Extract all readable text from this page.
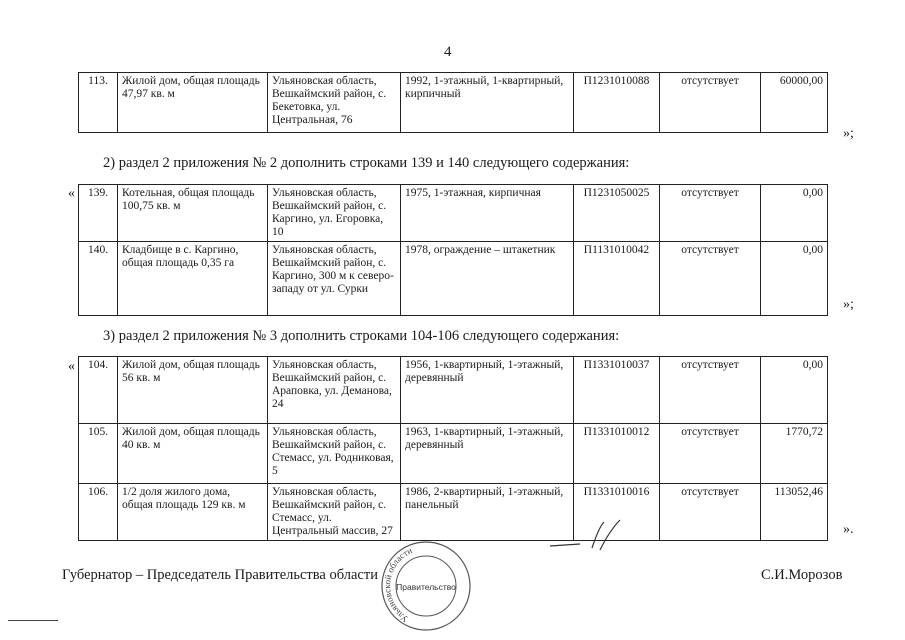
4
113.	Жилой дом, общая площадь 47,97 кв. м	Ульяновская область, Вешкаймский район, с. Бекетовка, ул. Центральная, 76	1992, 1-этажный, 1-квартирный, кирпичный	П1231010088	отсутствует	60000,00
»;
2) раздел 2 приложения № 2 дополнить строками 139 и 140 следующего содержания:
« 139.	Котельная, общая площадь 100,75 кв. м	Ульяновская область, Вешкаймский район, с. Каргино, ул. Егоровка, 10	1975, 1-этажная, кирпичная	П1231050025	отсутствует	0,00
140.	Кладбище в с. Каргино, общая площадь 0,35 га	Ульяновская область, Вешкаймский район, с. Каргино, 300 м к северо-западу от ул. Сурки	1978, ограждение – штакетник	П1131010042	отсутствует	0,00
»;
3) раздел 2 приложения № 3 дополнить строками 104-106 следующего содержания:
« 104.	Жилой дом, общая площадь 56 кв. м	Ульяновская область, Вешкаймский район, с. Араповка, ул. Деманова, 24	1956, 1-квартирный, 1-этажный, деревянный	П1331010037	отсутствует	0,00
105.	Жилой дом, общая площадь 40 кв. м	Ульяновская область, Вешкаймский район, с. Стемасс, ул. Родниковая, 5	1963, 1-квартирный, 1-этажный, деревянный	П1331010012	отсутствует	1770,72
106.	1/2 доля жилого дома, общая площадь 129 кв. м	Ульяновская область, Вешкаймский район, с. Стемасс, ул. Центральный массив, 27	1986, 2-квартирный, 1-этажный, панельный	П1331010016	отсутствует	113052,46
».
Губернатор – Председатель Правительства области	С.И.Морозов
Ульяновской области
Правительство
